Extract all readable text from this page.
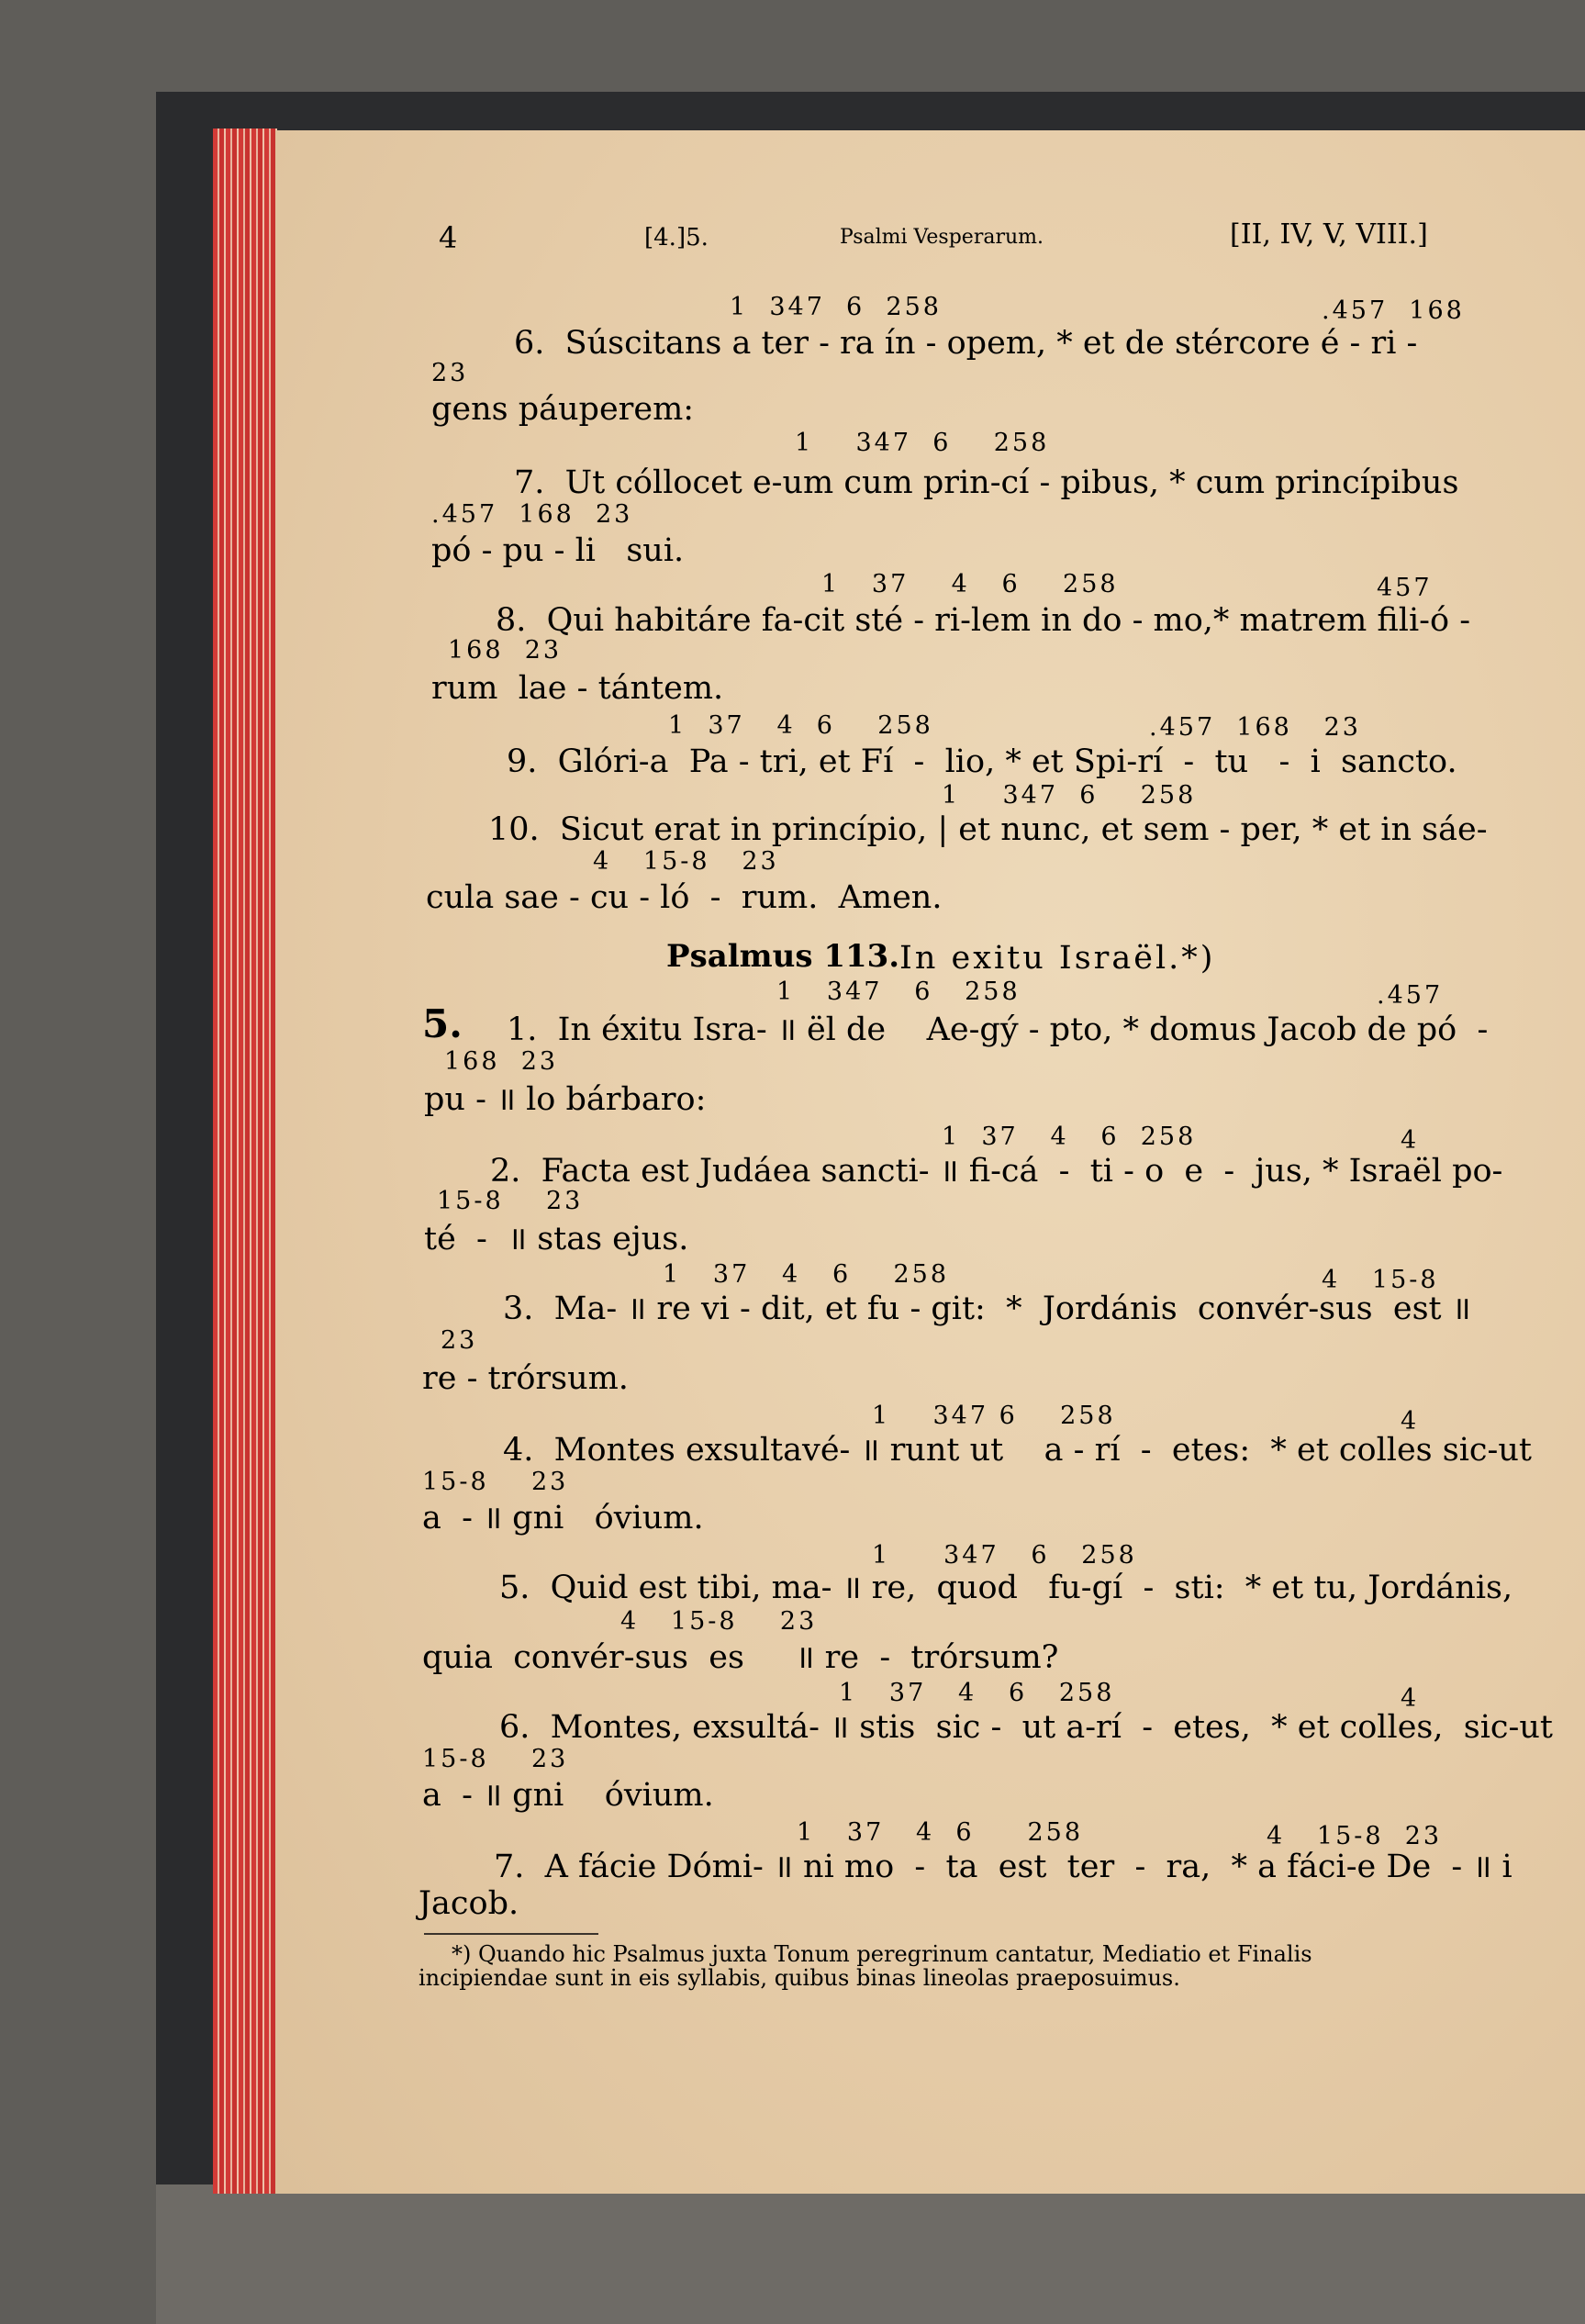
4	[4.]5.	Psalmi Vesperarum.	[II, IV, V, VIII.]
1  347  6  258	.457  168
6.  Súscitans a ter - ra ín - opem, * et de stércore é - ri -
23
gens páuperem:
1    347  6    258
7.  Ut cóllocet e-um cum prin-cí - pibus, * cum princípibus
.457  168  23
pó - pu - li   sui.
1   37    4   6    258	457
8.  Qui habitáre fa-cit sté - ri-lem in do - mo,* matrem fili-ó -
168  23
rum  lae - tántem.
1  37   4  6    258	.457  168   23
9.  Glóri-a  Pa - tri, et Fí  -  lio, * et Spi-rí  -  tu   -  i  sancto.
1    347  6    258
10.  Sicut erat in princípio, | et nunc, et sem - per, * et in sáe-
4   15-8   23
cula sae - cu - ló  -  rum.  Amen.
Psalmus 113. In exitu Israël.*)
1   347   6   258	.457
5. 1.  In éxitu Isra- ॥ ël de    Ae-gý - pto, * domus Jacob de pó  -
168  23
pu - ॥ lo bárbaro:
1  37   4   6  258	4
2.  Facta est Judáea sancti- ॥ fi-cá  -  ti - o  e  -  jus, * Israël po-
15-8    23
té  -  ॥ stas ejus.
1   37   4   6    258	4   15-8
3.  Ma- ॥ re vi - dit, et fu - git:  *  Jordánis  convér-sus  est ॥
23
re - trórsum.
1    347 6    258	4
4.  Montes exsultavé- ॥ runt ut    a - rí  -  etes:  * et colles sic-ut
15-8    23
a  - ॥ gni   óvium.
1     347   6   258
5.  Quid est tibi, ma- ॥ re,  quod   fu-gí  -  sti:  * et tu, Jordánis,
4   15-8    23
quia  convér-sus  es     ॥ re  -  trórsum?
1   37   4   6   258	4
6.  Montes, exsultá- ॥ stis  sic -  ut a-rí  -  etes,  * et colles,  sic-ut
15-8    23
a  - ॥ gni    óvium.
1   37   4  6     258	4   15-8  23
7.  A fácie Dómi- ॥ ni mo  -  ta  est  ter  -  ra,  * a fáci-e De  - ॥ i
Jacob.
*) Quando hic Psalmus juxta Tonum peregrinum cantatur, Mediatio et Finalis
incipiendae sunt in eis syllabis, quibus binas lineolas praeposuimus.
